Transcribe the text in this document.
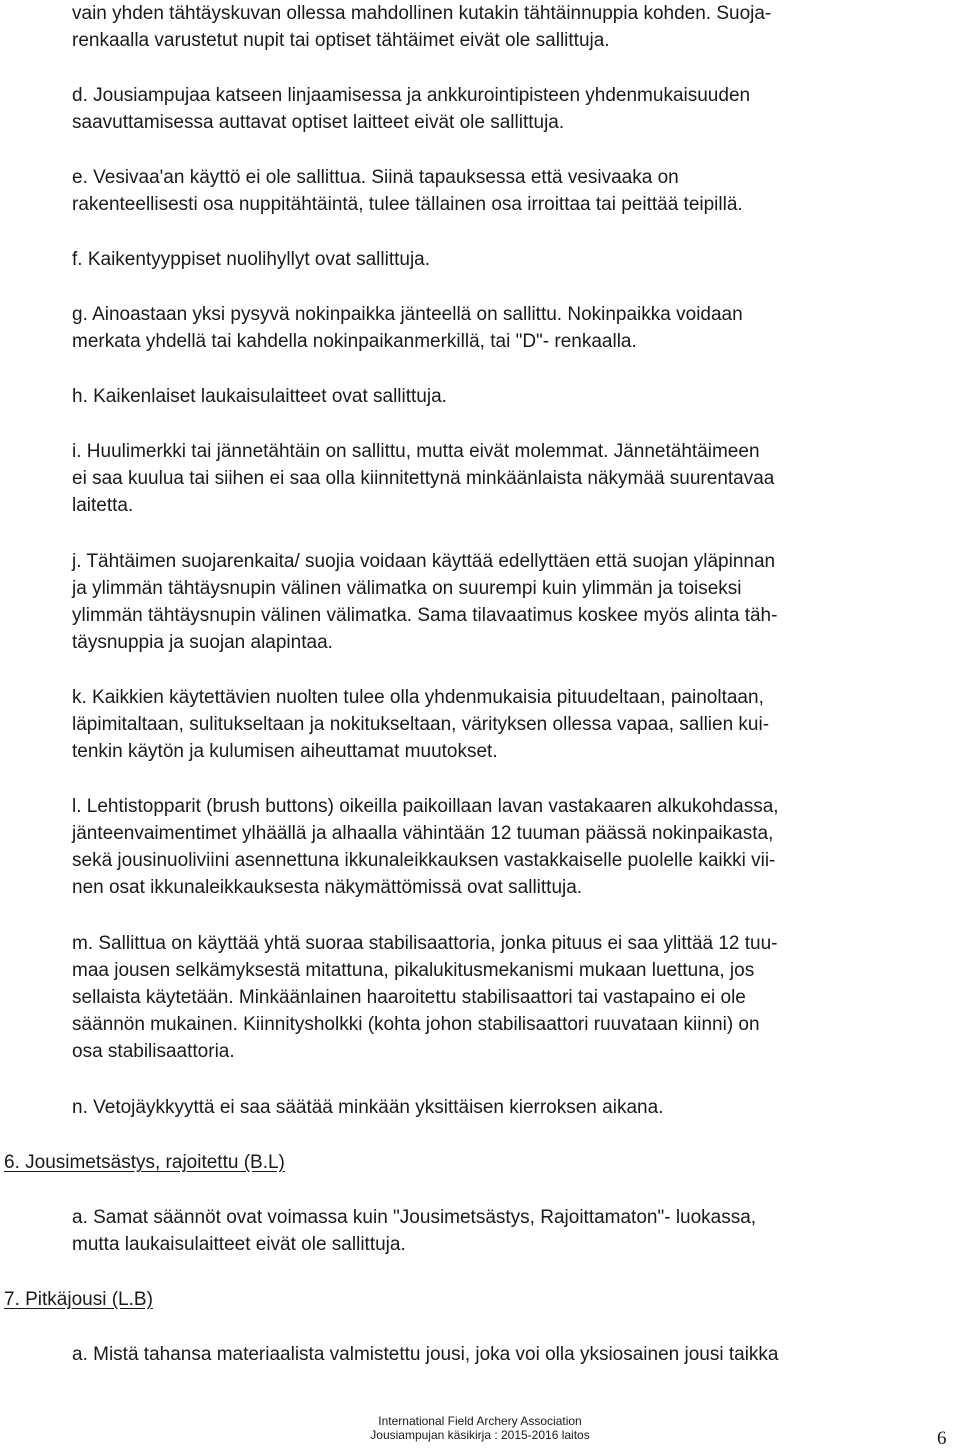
vain yhden tähtäyskuvan ollessa mahdollinen kutakin tähtäinnuppia kohden. Suoja-

renkaalla varustetut nupit tai optiset tähtäimet eivät ole sallittuja.

d. Jousiampujaa katseen linjaamisessa ja ankkurointipisteen yhdenmukaisuuden

saavuttamisessa auttavat optiset laitteet eivät ole sallittuja.

e. Vesivaa'an käyttö ei ole sallittua. Siinä tapauksessa että vesivaaka on

rakenteellisesti osa nuppitähtäintä, tulee tällainen osa irroittaa tai peittää teipillä.

f. Kaikentyyppiset nuolihyllyt ovat sallittuja.

g. Ainoastaan yksi pysyvä nokinpaikka jänteellä on sallittu. Nokinpaikka voidaan

merkata yhdellä tai kahdella nokinpaikanmerkillä, tai "D"- renkaalla.

h. Kaikenlaiset laukaisulaitteet ovat sallittuja.

i. Huulimerkki tai jännetähtäin on sallittu, mutta eivät molemmat. Jännetähtäimeen

ei saa kuulua tai siihen ei saa olla kiinnitettynä minkäänlaista näkymää suurentavaa

laitetta.

j. Tähtäimen suojarenkaita/ suojia voidaan käyttää edellyttäen että suojan yläpinnan

ja ylimmän tähtäysnupin välinen välimatka on suurempi kuin ylimmän ja toiseksi

ylimmän tähtäysnupin välinen välimatka. Sama tilavaatimus koskee myös alinta täh-

täysnuppia ja suojan alapintaa.

k. Kaikkien käytettävien nuolten tulee olla yhdenmukaisia pituudeltaan, painoltaan,

läpimitaltaan, sulitukseltaan ja nokitukseltaan, värityksen ollessa vapaa, sallien kui-

tenkin käytön ja kulumisen aiheuttamat muutokset.

l. Lehtistopparit (brush buttons) oikeilla paikoillaan lavan vastakaaren alkukohdassa,

jänteenvaimentimet ylhäällä ja alhaalla vähintään 12 tuuman päässä nokinpaikasta,

sekä jousinuoliviini asennettuna ikkunaleikkauksen vastakkaiselle puolelle kaikki vii-

nen osat ikkunaleikkauksesta näkymättömissä ovat sallittuja.

m. Sallittua on käyttää yhtä suoraa stabilisaattoria, jonka pituus ei saa ylittää 12 tuu-

maa jousen selkämyksestä mitattuna, pikalukitusmekanismi mukaan luettuna, jos

sellaista käytetään. Minkäänlainen haaroitettu stabilisaattori tai vastapaino ei ole

säännön mukainen. Kiinnitysholkki (kohta johon stabilisaattori ruuvataan kiinni) on

osa stabilisaattoria.

n. Vetojäykkyyttä ei saa säätää minkään yksittäisen kierroksen aikana.

6. Jousimetsästys, rajoitettu (B.L)

a. Samat säännöt ovat voimassa kuin "Jousimetsästys, Rajoittamaton"- luokassa,

mutta laukaisulaitteet eivät ole sallittuja.

7. Pitkäjousi (L.B)

a. Mistä tahansa materiaalista valmistettu jousi, joka voi olla yksiosainen jousi taikka

International Field Archery Association

Jousiampujan käsikirja : 2015-2016 laitos	6
